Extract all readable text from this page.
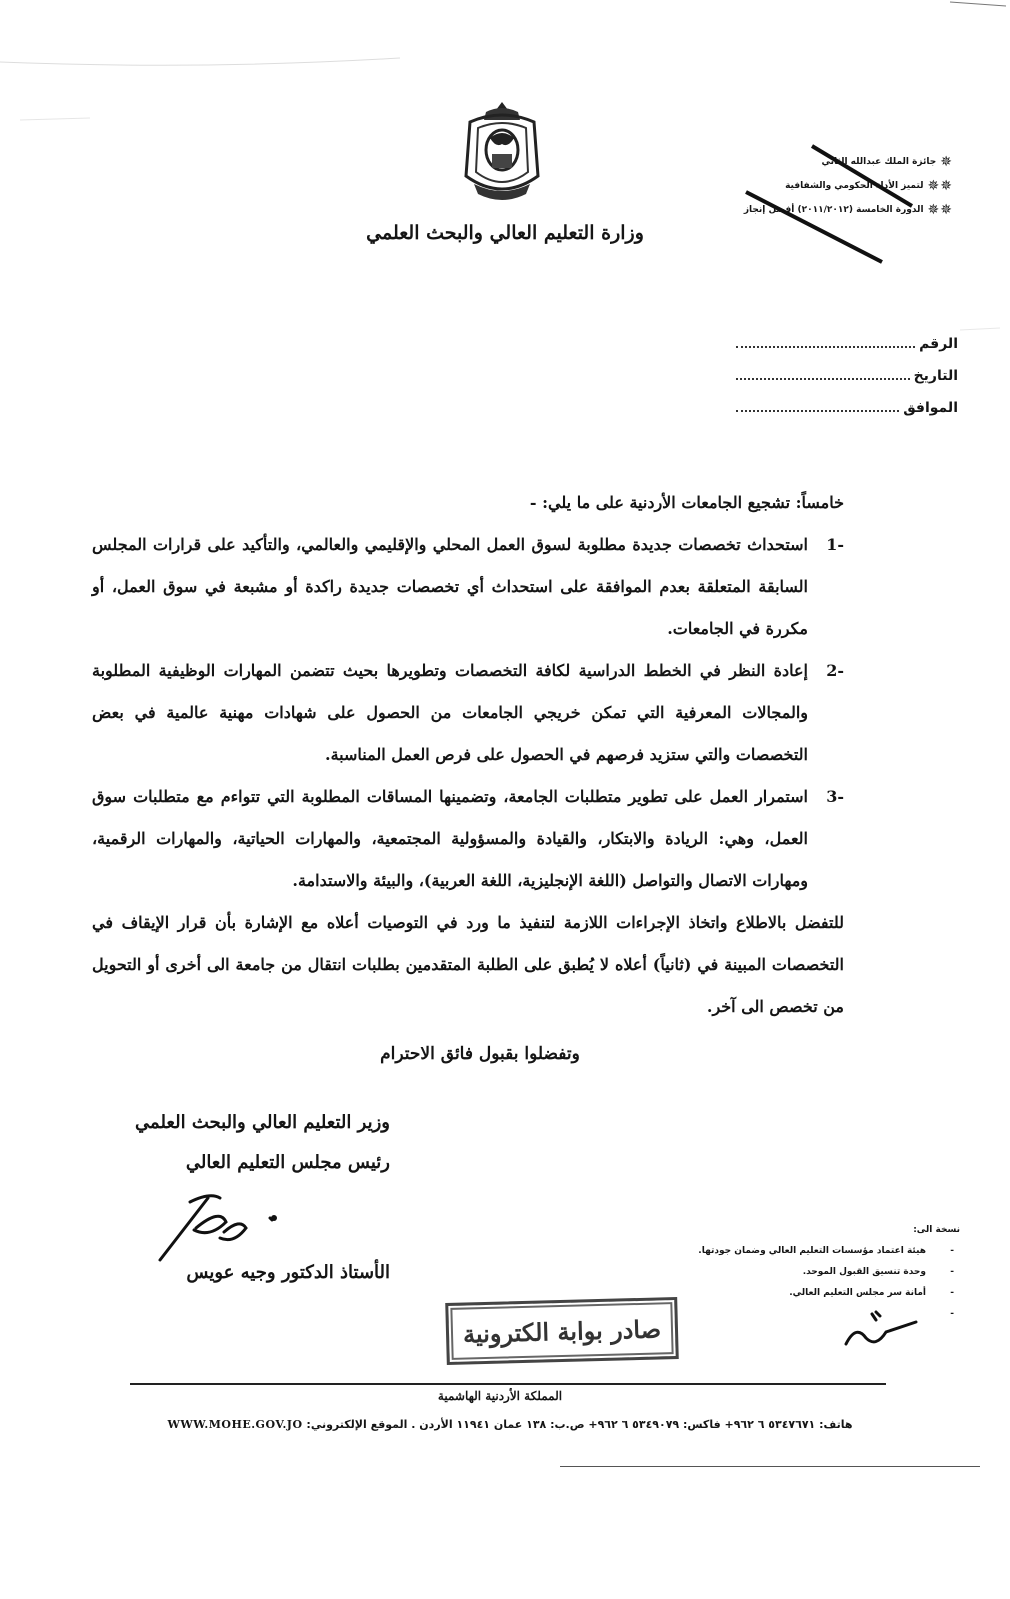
وزارة التعليم العالي والبحث العلمي
✵
جائزة الملك عبدالله الثاني
✵
✵
لتميز الأداء الحكومي والشفافية
✵
✵
الدورة الخامسة (٢٠١١/٢٠١٢) أفضل إنجاز
الرقم
التاريخ
الموافق

خامساً: تشجيع الجامعات الأردنية على ما يلي: -

-1
استحداث تخصصات جديدة مطلوبة لسوق العمل المحلي والإقليمي والعالمي، والتأكيد على قرارات المجلس السابقة المتعلقة بعدم الموافقة على استحداث أي تخصصات جديدة راكدة أو مشبعة في سوق العمل، أو مكررة في الجامعات.
-2
إعادة النظر في الخطط الدراسية لكافة التخصصات وتطويرها بحيث تتضمن المهارات الوظيفية المطلوبة والمجالات المعرفية التي تمكن خريجي الجامعات من الحصول على شهادات مهنية عالمية في بعض التخصصات والتي ستزيد فرصهم في الحصول على فرص العمل المناسبة.
-3
استمرار العمل على تطوير متطلبات الجامعة، وتضمينها المساقات المطلوبة التي تتواءم مع متطلبات سوق العمل، وهي: الريادة والابتكار، والقيادة والمسؤولية المجتمعية، والمهارات الحياتية، والمهارات الرقمية، ومهارات الاتصال والتواصل (اللغة الإنجليزية، اللغة العربية)، والبيئة والاستدامة.

للتفضل بالاطلاع واتخاذ الإجراءات اللازمة لتنفيذ ما ورد في التوصيات أعلاه مع الإشارة بأن قرار الإيقاف في التخصصات المبينة في (ثانياً) أعلاه لا يُطبق على الطلبة المتقدمين بطلبات انتقال من جامعة الى أخرى أو التحويل من تخصص الى آخر.

وتفضلوا بقبول فائق الاحترام
وزير التعليم العالي والبحث العلمي
رئيس مجلس التعليم العالي
الأستاذ الدكتور وجيه عويس
نسخة الى:
- هيئة اعتماد مؤسسات التعليم العالي وضمان جودتها.
- وحدة تنسيق القبول الموحد.
- أمانة سر مجلس التعليم العالي.
صادر بوابة الكترونية
المملكة الأردنية الهاشمية
هاتف: ٥٣٤٧٦٧١ ٦ ٩٦٢+ فاكس: ٥٣٤٩٠٧٩ ٦ ٩٦٢+ ص.ب: ١٣٨ عمان ١١٩٤١ الأردن . الموقع الإلكتروني: WWW.MOHE.GOV.JO
